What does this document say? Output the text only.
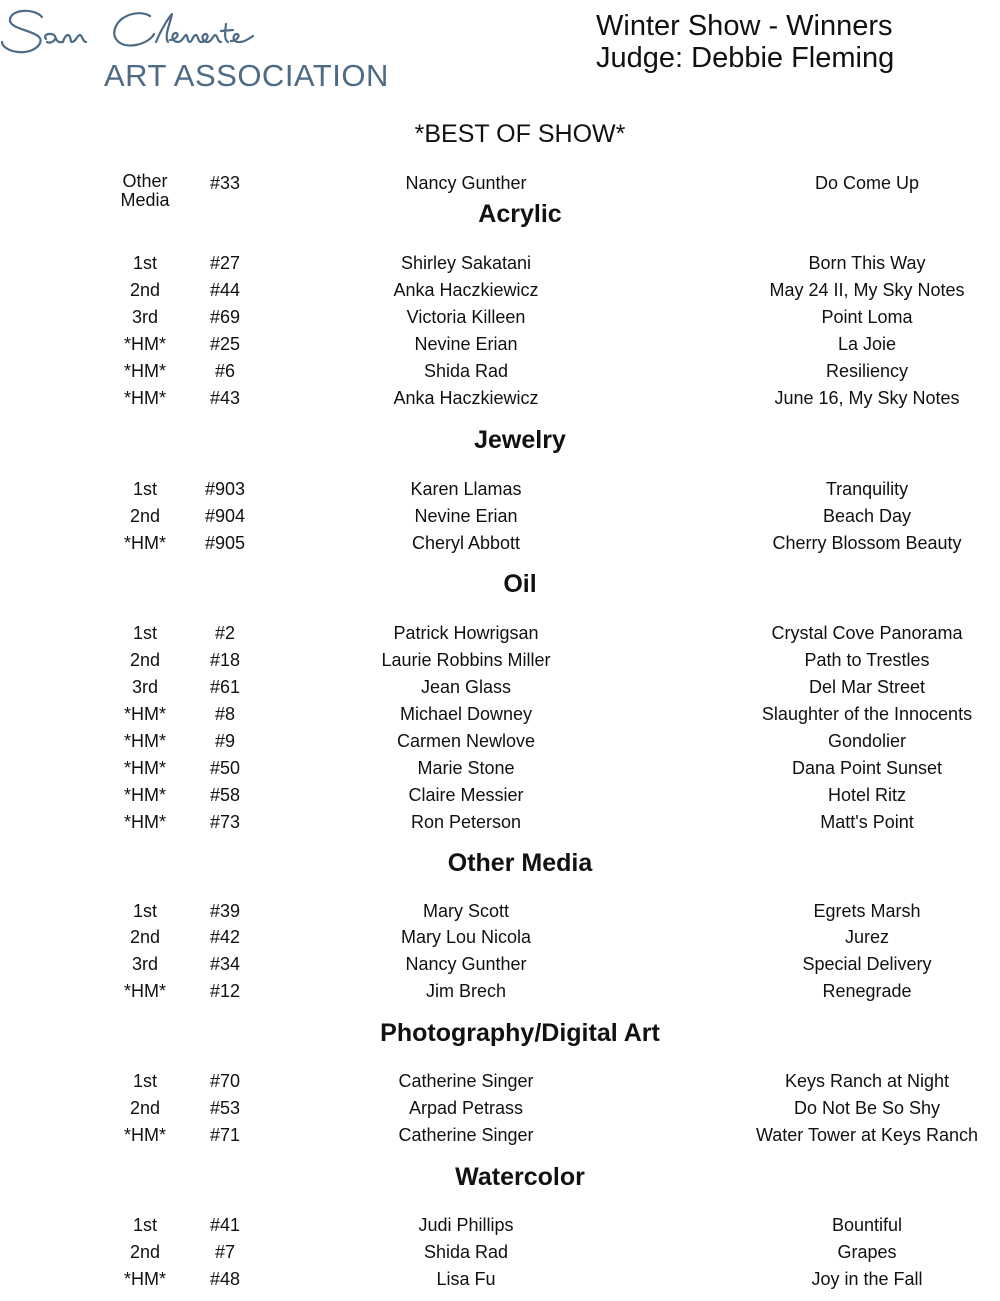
ART ASSOCIATION
Winter Show - Winners
Judge: Debbie Fleming
*BEST OF SHOW*
Other
Media
#33	Nancy Gunther	Do Come Up
Acrylic
1st	#27	Shirley Sakatani	Born This Way
2nd	#44	Anka Haczkiewicz	May 24 II, My Sky Notes
3rd	#69	Victoria Killeen	Point Loma
*HM* #25	Nevine Erian	La Joie
*HM*	#6	Shida Rad	Resiliency
*HM* #43	Anka Haczkiewicz	June 16, My Sky Notes
Jewelry
1st	#903	Karen Llamas	Tranquility
2nd #904	Nevine Erian	Beach Day
*HM* #905	Cheryl Abbott	Cherry Blossom Beauty
Oil
1st	#2	Patrick Howrigsan	Crystal Cove Panorama
2nd	#18	Laurie Robbins Miller	Path to Trestles
3rd	#61	Jean Glass	Del Mar Street
*HM*	#8	Michael Downey	Slaughter of the Innocents
*HM*	#9	Carmen Newlove	Gondolier
*HM* #50	Marie Stone	Dana Point Sunset
*HM* #58	Claire Messier	Hotel Ritz
*HM* #73	Ron Peterson	Matt's Point
Other Media
1st	#39	Mary Scott	Egrets Marsh
2nd	#42	Mary Lou Nicola	Jurez
3rd	#34	Nancy Gunther	Special Delivery
*HM* #12	Jim Brech	Renegrade
Photography/Digital Art
1st	#70	Catherine Singer	Keys Ranch at Night
2nd	#53	Arpad Petrass	Do Not Be So Shy
*HM* #71	Catherine Singer	Water Tower at Keys Ranch
Watercolor
1st	#41	Judi Phillips	Bountiful
2nd	#7	Shida Rad	Grapes
*HM* #48	Lisa Fu	Joy in the Fall
